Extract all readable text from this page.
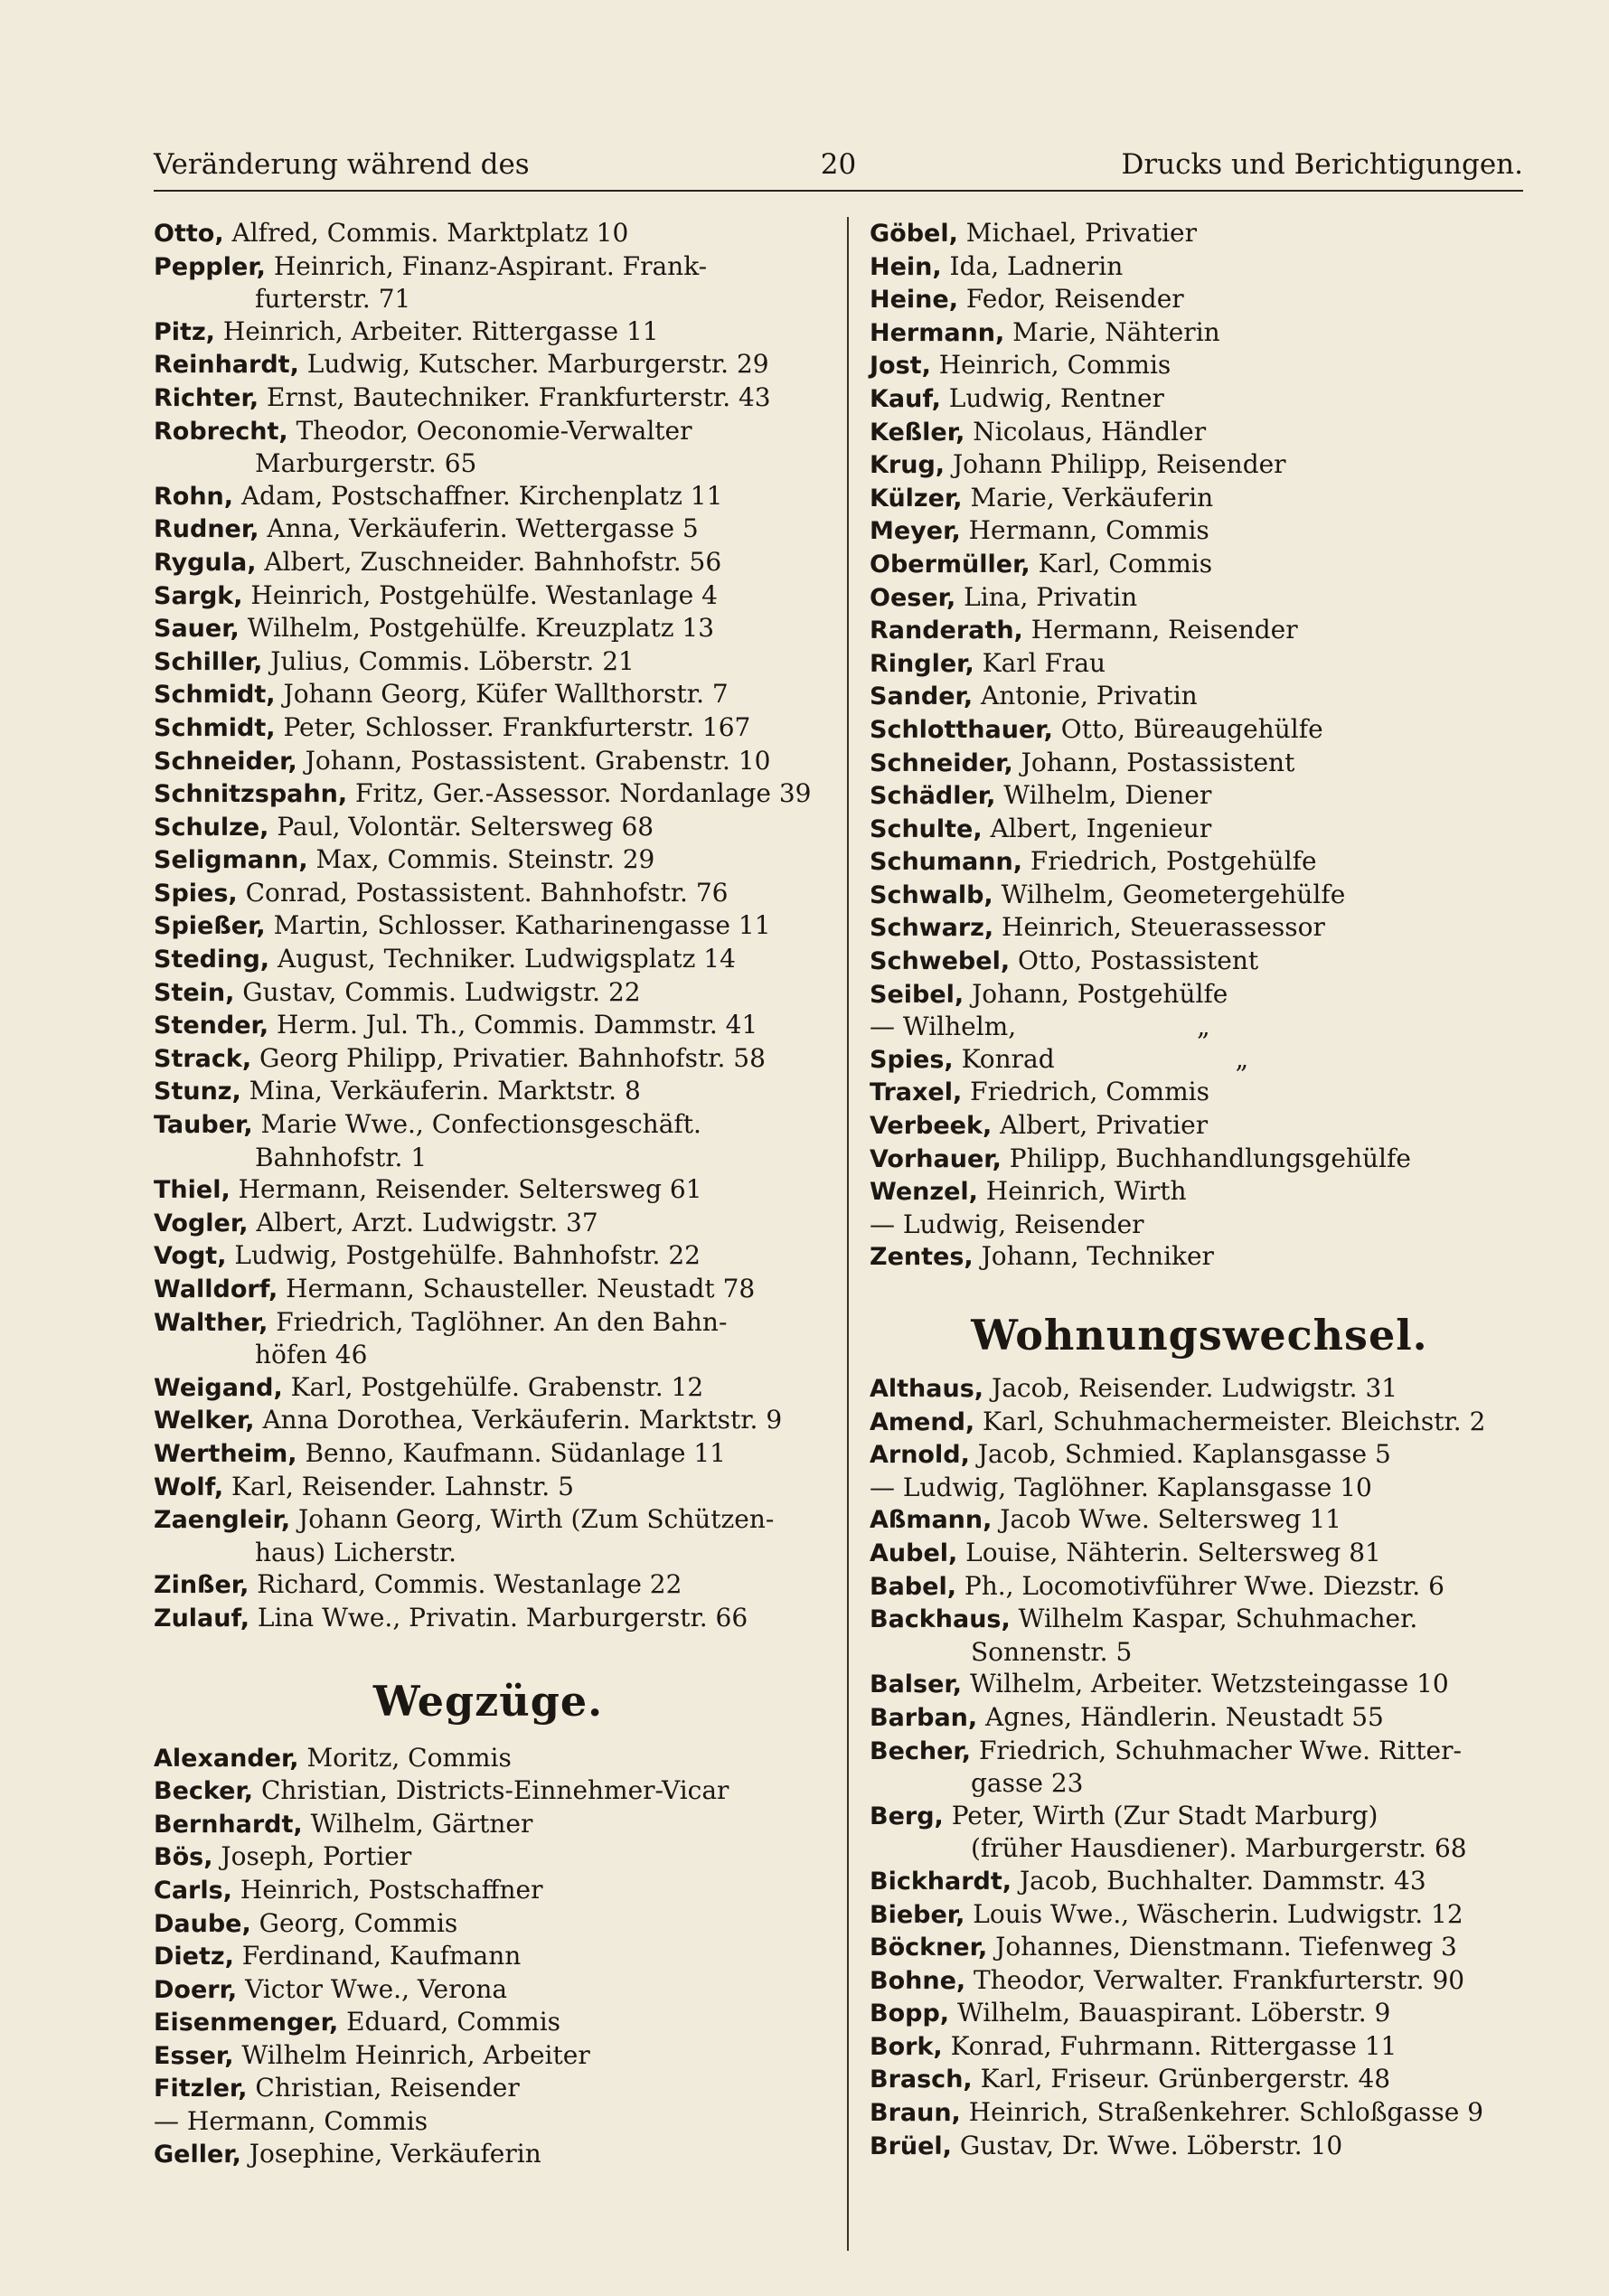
Veränderung während des	20	Drucks und Berichtigungen.
Otto, Alfred, Commis. Marktplatz 10
Peppler, Heinrich, Finanz-Aspirant. Frank-
furterstr. 71
Pitz, Heinrich, Arbeiter. Rittergasse 11
Reinhardt, Ludwig, Kutscher. Marburgerstr. 29
Richter, Ernst, Bautechniker. Frankfurterstr. 43
Robrecht, Theodor, Oeconomie-Verwalter
Marburgerstr. 65
Rohn, Adam, Postschaffner. Kirchenplatz 11
Rudner, Anna, Verkäuferin. Wettergasse 5
Rygula, Albert, Zuschneider. Bahnhofstr. 56
Sargk, Heinrich, Postgehülfe. Westanlage 4
Sauer, Wilhelm, Postgehülfe. Kreuzplatz 13
Schiller, Julius, Commis. Löberstr. 21
Schmidt, Johann Georg, Küfer Wallthorstr. 7
Schmidt, Peter, Schlosser. Frankfurterstr. 167
Schneider, Johann, Postassistent. Grabenstr. 10
Schnitzspahn, Fritz, Ger.-Assessor. Nordanlage 39
Schulze, Paul, Volontär. Seltersweg 68
Seligmann, Max, Commis. Steinstr. 29
Spies, Conrad, Postassistent. Bahnhofstr. 76
Spießer, Martin, Schlosser. Katharinengasse 11
Steding, August, Techniker. Ludwigsplatz 14
Stein, Gustav, Commis. Ludwigstr. 22
Stender, Herm. Jul. Th., Commis. Dammstr. 41
Strack, Georg Philipp, Privatier. Bahnhofstr. 58
Stunz, Mina, Verkäuferin. Marktstr. 8
Tauber, Marie Wwe., Confectionsgeschäft.
Bahnhofstr. 1
Thiel, Hermann, Reisender. Seltersweg 61
Vogler, Albert, Arzt. Ludwigstr. 37
Vogt, Ludwig, Postgehülfe. Bahnhofstr. 22
Walldorf, Hermann, Schausteller. Neustadt 78
Walther, Friedrich, Taglöhner. An den Bahn-
höfen 46
Weigand, Karl, Postgehülfe. Grabenstr. 12
Welker, Anna Dorothea, Verkäuferin. Marktstr. 9
Wertheim, Benno, Kaufmann. Südanlage 11
Wolf, Karl, Reisender. Lahnstr. 5
Zaengleir, Johann Georg, Wirth (Zum Schützen-
haus) Licherstr.
Zinßer, Richard, Commis. Westanlage 22
Zulauf, Lina Wwe., Privatin. Marburgerstr. 66
Wegzüge.
Alexander, Moritz, Commis
Becker, Christian, Districts-Einnehmer-Vicar
Bernhardt, Wilhelm, Gärtner
Bös, Joseph, Portier
Carls, Heinrich, Postschaffner
Daube, Georg, Commis
Dietz, Ferdinand, Kaufmann
Doerr, Victor Wwe., Verona
Eisenmenger, Eduard, Commis
Esser, Wilhelm Heinrich, Arbeiter
Fitzler, Christian, Reisender
— Hermann, Commis
Geller, Josephine, Verkäuferin
Göbel, Michael, Privatier
Hein, Ida, Ladnerin
Heine, Fedor, Reisender
Hermann, Marie, Nähterin
Jost, Heinrich, Commis
Kauf, Ludwig, Rentner
Keßler, Nicolaus, Händler
Krug, Johann Philipp, Reisender
Külzer, Marie, Verkäuferin
Meyer, Hermann, Commis
Obermüller, Karl, Commis
Oeser, Lina, Privatin
Randerath, Hermann, Reisender
Ringler, Karl Frau
Sander, Antonie, Privatin
Schlotthauer, Otto, Büreaugehülfe
Schneider, Johann, Postassistent
Schädler, Wilhelm, Diener
Schulte, Albert, Ingenieur
Schumann, Friedrich, Postgehülfe
Schwalb, Wilhelm, Geometergehülfe
Schwarz, Heinrich, Steuerassessor
Schwebel, Otto, Postassistent
Seibel, Johann, Postgehülfe
— Wilhelm,	„
Spies, Konrad	„
Traxel, Friedrich, Commis
Verbeek, Albert, Privatier
Vorhauer, Philipp, Buchhandlungsgehülfe
Wenzel, Heinrich, Wirth
— Ludwig, Reisender
Zentes, Johann, Techniker
Wohnungswechsel.
Althaus, Jacob, Reisender. Ludwigstr. 31
Amend, Karl, Schuhmachermeister. Bleichstr. 2
Arnold, Jacob, Schmied. Kaplansgasse 5
— Ludwig, Taglöhner. Kaplansgasse 10
Aßmann, Jacob Wwe. Seltersweg 11
Aubel, Louise, Nähterin. Seltersweg 81
Babel, Ph., Locomotivführer Wwe. Diezstr. 6
Backhaus, Wilhelm Kaspar, Schuhmacher.
Sonnenstr. 5
Balser, Wilhelm, Arbeiter. Wetzsteingasse 10
Barban, Agnes, Händlerin. Neustadt 55
Becher, Friedrich, Schuhmacher Wwe. Ritter-
gasse 23
Berg, Peter, Wirth (Zur Stadt Marburg)
(früher Hausdiener). Marburgerstr. 68
Bickhardt, Jacob, Buchhalter. Dammstr. 43
Bieber, Louis Wwe., Wäscherin. Ludwigstr. 12
Böckner, Johannes, Dienstmann. Tiefenweg 3
Bohne, Theodor, Verwalter. Frankfurterstr. 90
Bopp, Wilhelm, Bauaspirant. Löberstr. 9
Bork, Konrad, Fuhrmann. Rittergasse 11
Brasch, Karl, Friseur. Grünbergerstr. 48
Braun, Heinrich, Straßenkehrer. Schloßgasse 9
Brüel, Gustav, Dr. Wwe. Löberstr. 10
